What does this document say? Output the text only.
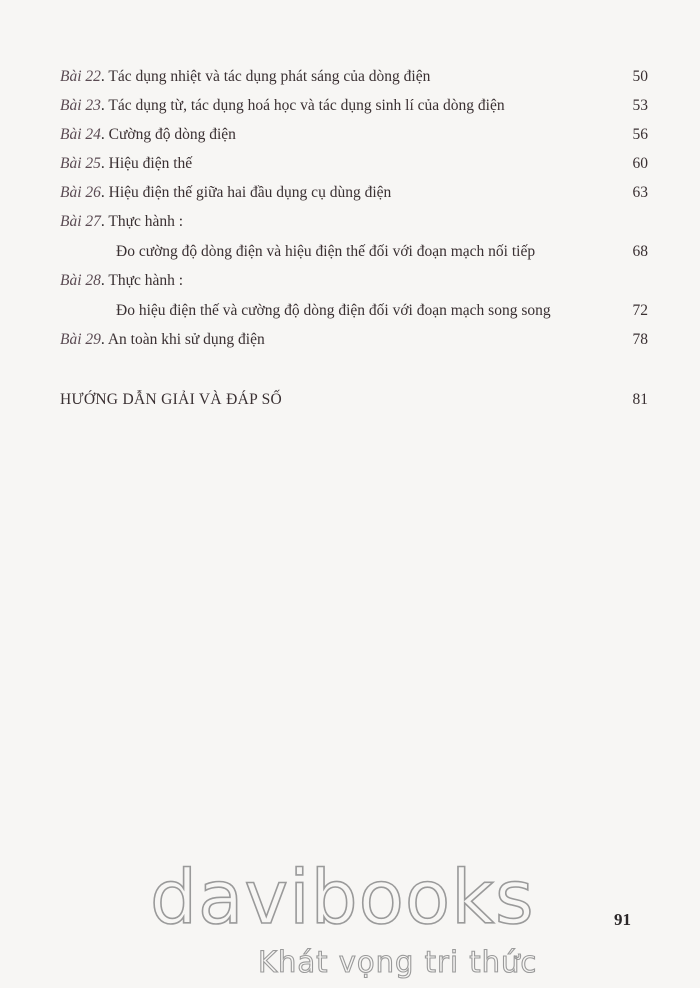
Bài 22. Tác dụng nhiệt và tác dụng phát sáng của dòng điện	50
Bài 23. Tác dụng từ, tác dụng hoá học và tác dụng sinh lí của dòng điện	53
Bài 24. Cường độ dòng điện	56
Bài 25. Hiệu điện thế	60
Bài 26. Hiệu điện thế giữa hai đầu dụng cụ dùng điện	63
Bài 27. Thực hành :
Đo cường độ dòng điện và hiệu điện thế đối với đoạn mạch nối tiếp	68
Bài 28. Thực hành :
Đo hiệu điện thế và cường độ dòng điện đối với đoạn mạch song song	72
Bài 29. An toàn khi sử dụng điện	78
HƯỚNG DẪN GIẢI VÀ ĐÁP SỐ	81
davibooks
Khát vọng tri thức
91
